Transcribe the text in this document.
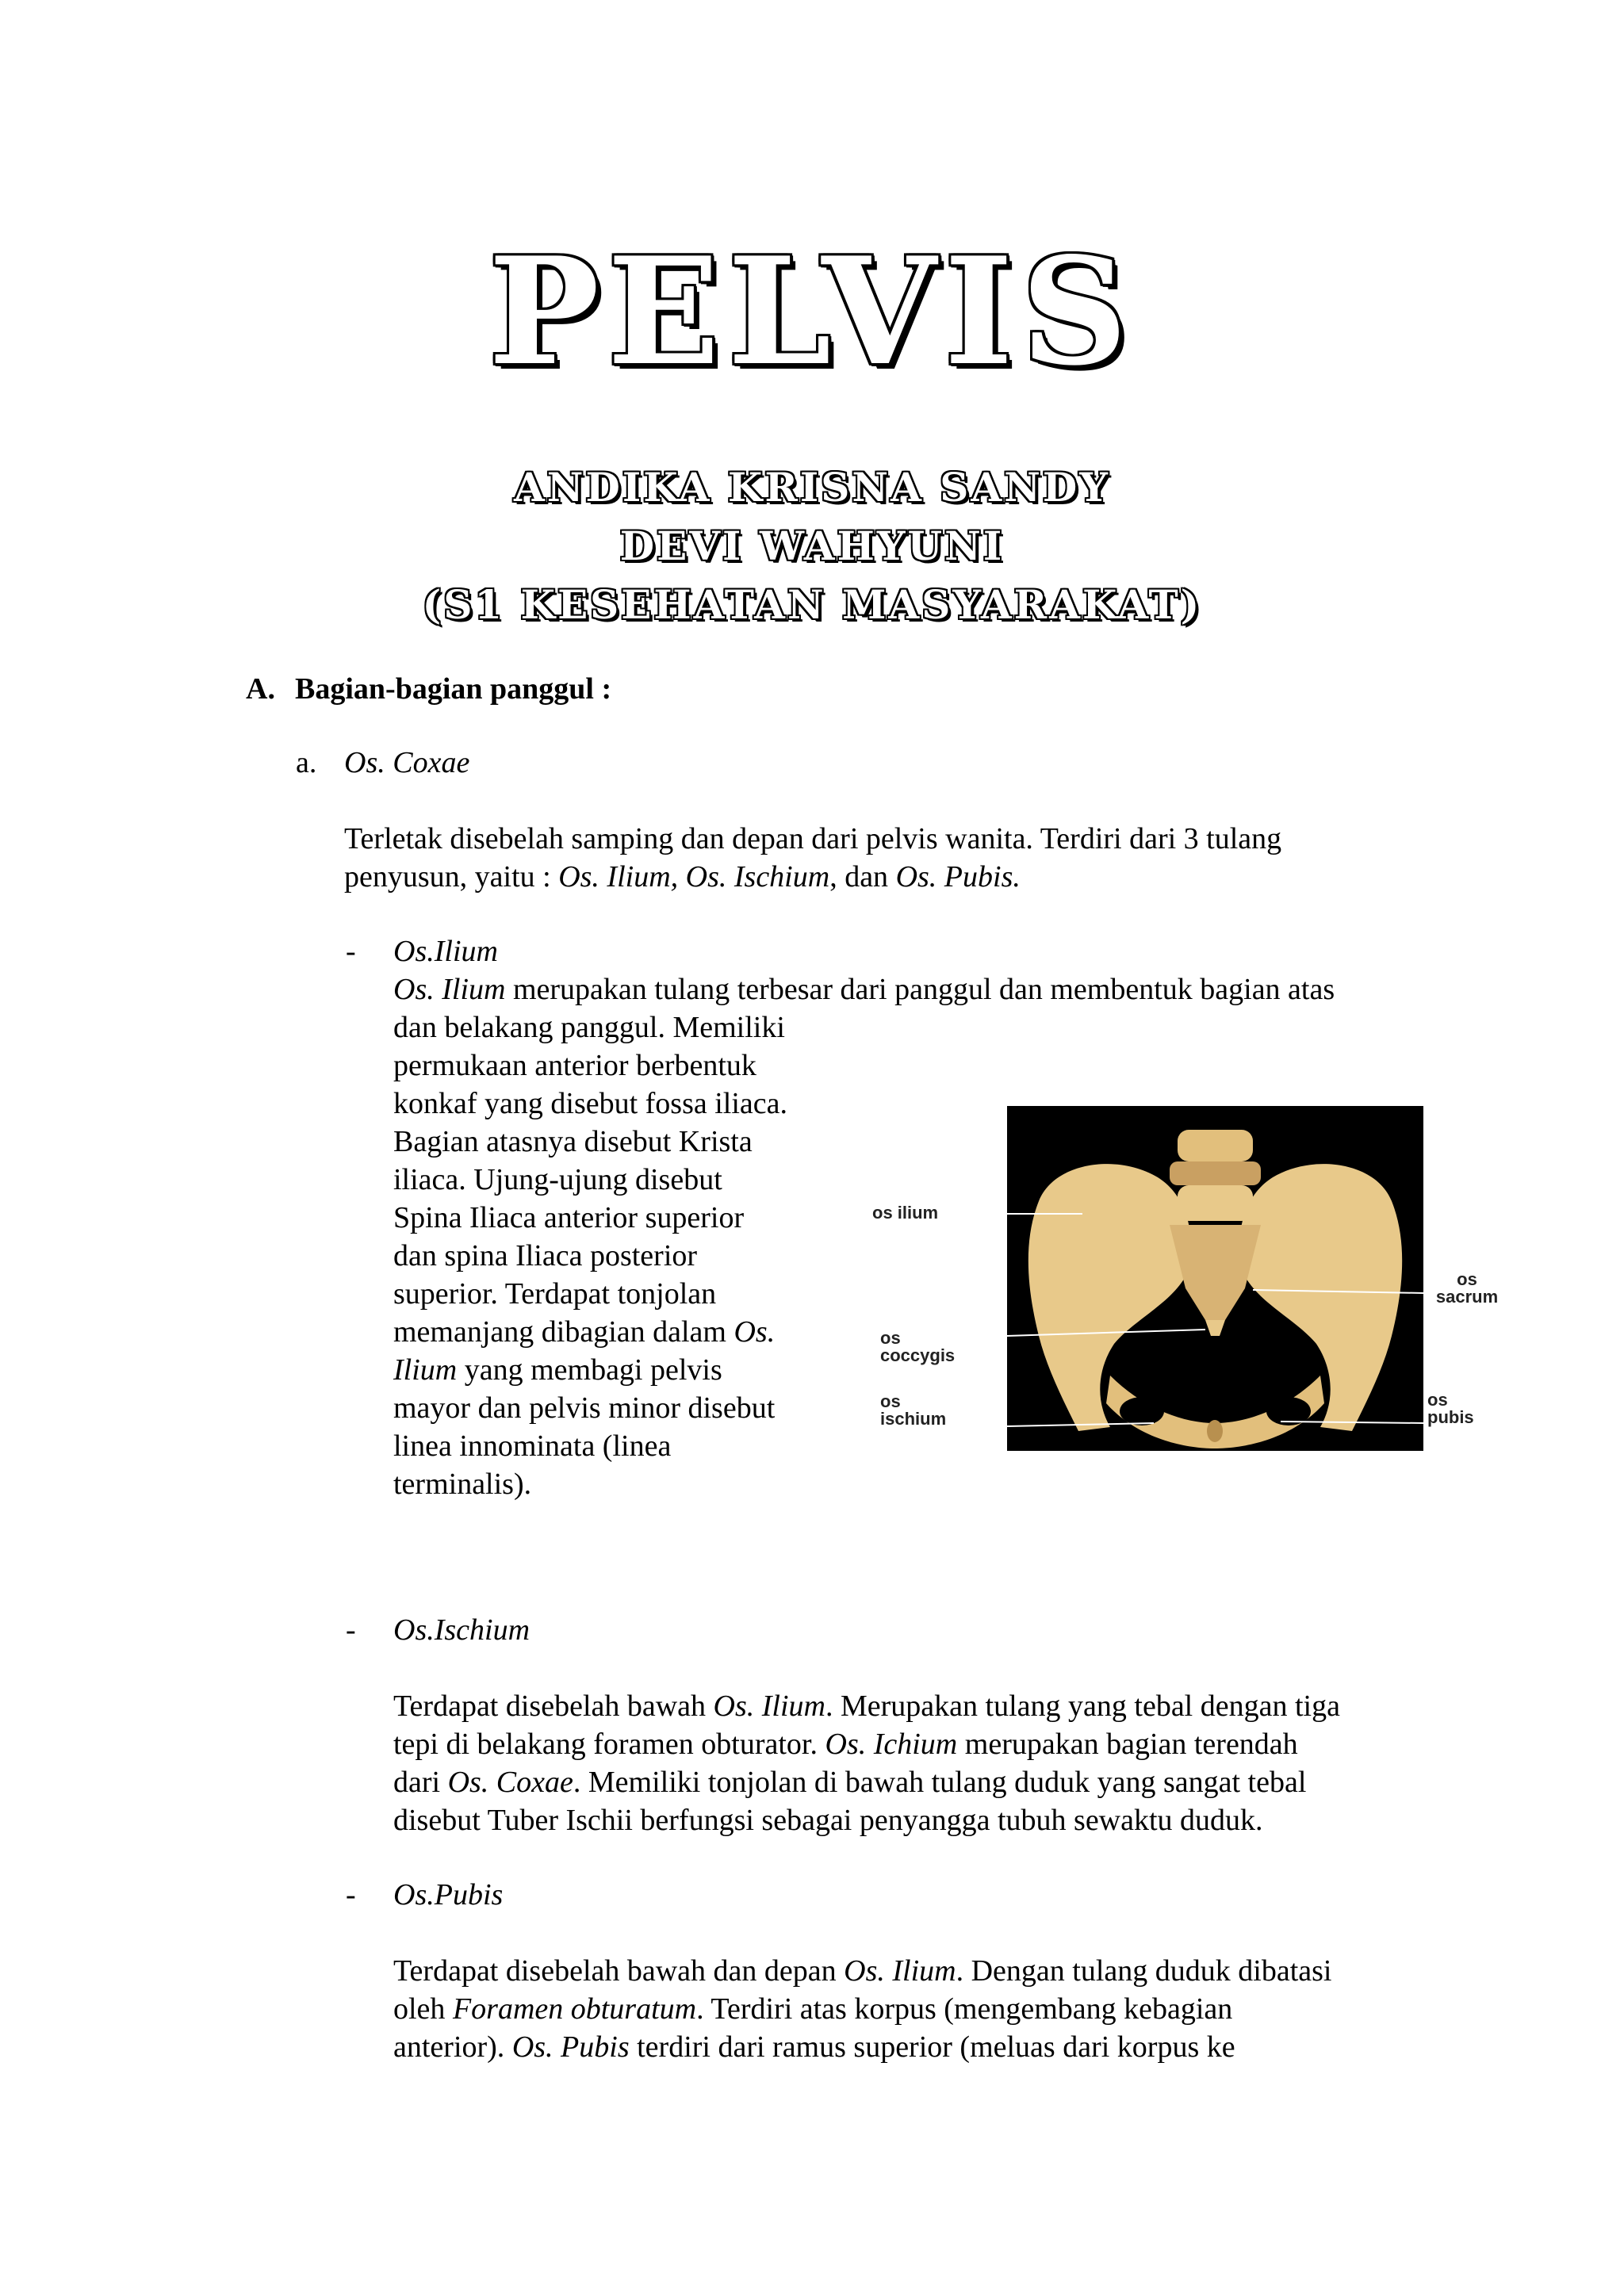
PELVIS
ANDIKA KRISNA SANDY
DEVI WAHYUNI
(S1 KESEHATAN MASYARAKAT)
A. Bagian-bagian panggul :
a. Os. Coxae

Terletak disebelah samping dan depan dari pelvis wanita. Terdiri dari 3 tulang

penyusun, yaitu : Os. Ilium, Os. Ischium, dan Os. Pubis.

- Os.Ilium

Os. Ilium merupakan tulang terbesar dari panggul dan membentuk bagian atas

dan belakang panggul. Memiliki

permukaan anterior berbentuk

konkaf yang disebut fossa iliaca.

Bagian atasnya disebut Krista

iliaca. Ujung-ujung disebut

Spina Iliaca anterior superior

dan spina Iliaca posterior

superior. Terdapat tonjolan

memanjang dibagian dalam Os.

Ilium yang membagi pelvis

mayor dan pelvis minor disebut

linea innominata (linea

terminalis).

os ilium
os
coccygis
os
ischium
os
sacrum
os
pubis
- Os.Ischium

Terdapat disebelah bawah Os. Ilium. Merupakan tulang yang tebal dengan tiga

tepi di belakang foramen obturator. Os. Ichium merupakan bagian terendah

dari Os. Coxae. Memiliki tonjolan di bawah tulang duduk yang sangat tebal

disebut Tuber Ischii berfungsi sebagai penyangga tubuh sewaktu duduk.

- Os.Pubis

Terdapat disebelah bawah dan depan Os. Ilium. Dengan tulang duduk dibatasi

oleh Foramen obturatum. Terdiri atas korpus (mengembang kebagian

anterior). Os. Pubis terdiri dari ramus superior (meluas dari korpus ke
